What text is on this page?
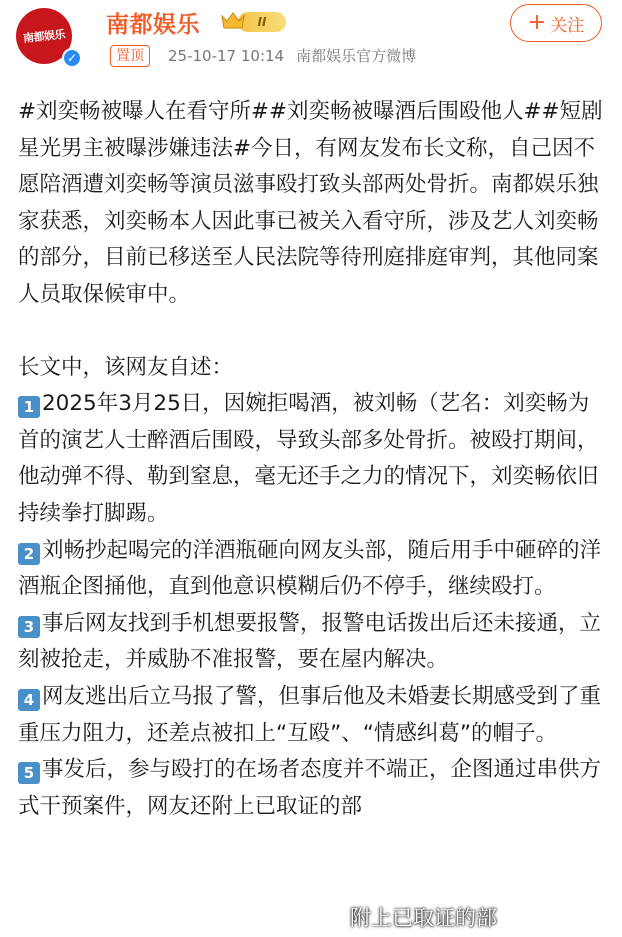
南都娱乐
✓
南都娱乐	II
置顶	25-10-17 10:14 南都娱乐官方微博
+ 关注

#刘奕畅被曝人在看守所##刘奕畅被曝酒后围殴他人##短剧星光男主被曝涉嫌违法#今日，有网友发布长文称，自己因不愿陪酒遭刘奕畅等演员滋事殴打致头部两处骨折。南都娱乐独家获悉，刘奕畅本人因此事已被关入看守所，涉及艺人刘奕畅的部分，目前已移送至人民法院等待刑庭排庭审判，其他同案人员取保候审中。

长文中，该网友自述：

1 2025年3月25日，因婉拒喝酒，被刘畅（艺名：刘奕畅为首的演艺人士醉酒后围殴，导致头部多处骨折。被殴打期间，他动弹不得、勒到窒息，毫无还手之力的情况下，刘奕畅依旧持续拳打脚踢。

2 刘畅抄起喝完的洋酒瓶砸向网友头部，随后用手中砸碎的洋酒瓶企图捅他，直到他意识模糊后仍不停手，继续殴打。

3 事后网友找到手机想要报警，报警电话拨出后还未接通，立刻被抢走，并威胁不准报警，要在屋内解决。

4 网友逃出后立马报了警，但事后他及未婚妻长期感受到了重重压力阻力，还差点被扣上“互殴”、“情感纠葛”的帽子。

5 事发后，参与殴打的在场者态度并不端正，企图通过串供方式干预案件，网友还附上已取证的部

附上已取证的部
